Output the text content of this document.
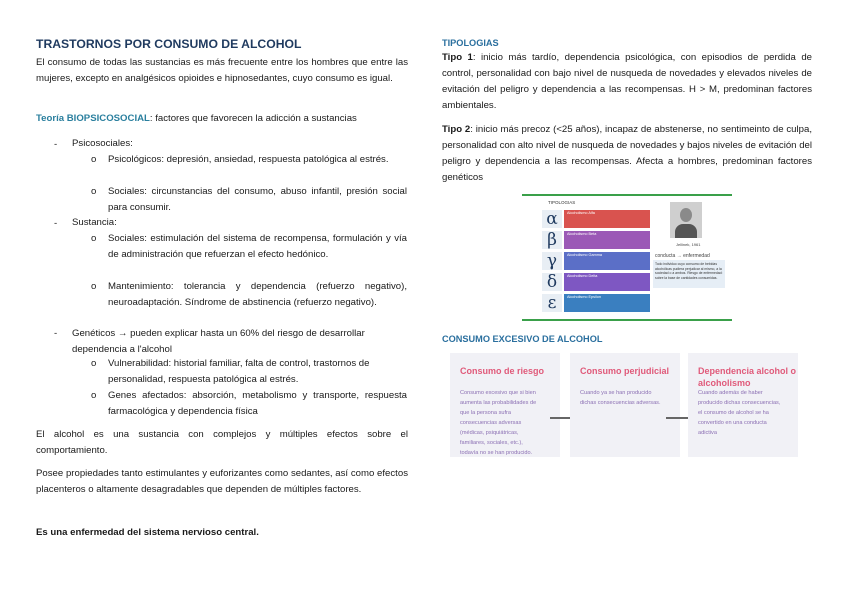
TRASTORNOS POR CONSUMO DE ALCOHOL

El consumo de todas las sustancias es más frecuente entre los hombres que entre las mujeres, excepto en analgésicos opioides e hipnosedantes, cuyo consumo es igual.

Teoría BIOPSICOSOCIAL: factores que favorecen la adicción a sustancias

- Psicosociales:

o Psicológicos: depresión, ansiedad, respuesta patológica al estrés.

o Sociales: circunstancias del consumo, abuso infantil, presión social para consumir.

- Sustancia:

o Sociales: estimulación del sistema de recompensa, formulación y vía de administración que refuerzan el efecto hedónico.

o Mantenimiento: tolerancia y dependencia (refuerzo negativo), neuroadaptación. Síndrome de abstinencia (refuerzo negativo).

- Genéticos → pueden explicar hasta un 60% del riesgo de desarrollar dependencia a l'alcohol

o Vulnerabilidad: historial familiar, falta de control, trastornos de personalidad, respuesta patológica al estrés.

o Genes afectados: absorción, metabolismo y transporte, respuesta farmacológica y dependencia física

El alcohol es una sustancia con complejos y múltiples efectos sobre el comportamiento.

Posee propiedades tanto estimulantes y euforizantes como sedantes, así como efectos placenteros o altamente desagradables que dependen de múltiples factores.

Es una enfermedad del sistema nervioso central.

TIPOLOGIAS

Tipo 1: inicio más tardío, dependencia psicológica, con episodios de perdida de control, personalidad con bajo nivel de nusqueda de novedades y elevados niveles de evitación del peligro y dependencia a las recompensas. H > M, predominan factores ambientales.

Tipo 2: inicio más precoz (<25 años), incapaz de abstenerse, no sentimeinto de culpa, personalidad con alto nivel de nusqueda de novedades y bajos niveles de evitación del peligro y dependencia a las recompensas. Afecta a hombres, predominan factores genéticos

TIPOLOGIAS
α	Alcoholismo Alfa
β	Alcoholismo Beta
γ	Alcoholismo Gamma
δ	Alcoholismo Delta
ε	Alcoholismo Epsilon
Jellinek, 1961
conducta → enfermedad
Todo individuo cuyo consumo de bebidas alcohólicas pudiera perjudicar al mismo, a la sociedad o a ambos. Riesgo de enfermedad: sobre la base de cantidades consumidas.
CONSUMO EXCESIVO DE ALCOHOL
Consumo de riesgo
Consumo excesivo que si bien
aumenta las probabilidades de
que la persona sufra
consecuencias adversas
(médicas, psiquiátricas,
familiares, sociales, etc.),
todavía no se han producido.
Consumo perjudicial
Cuando ya se han producido
dichas consecuencias adversas.
Dependencia alcohol o alcoholismo
Cuando además de haber
producido dichas consecuencias,
el consumo de alcohol se ha
convertido en una conducta
adictiva
